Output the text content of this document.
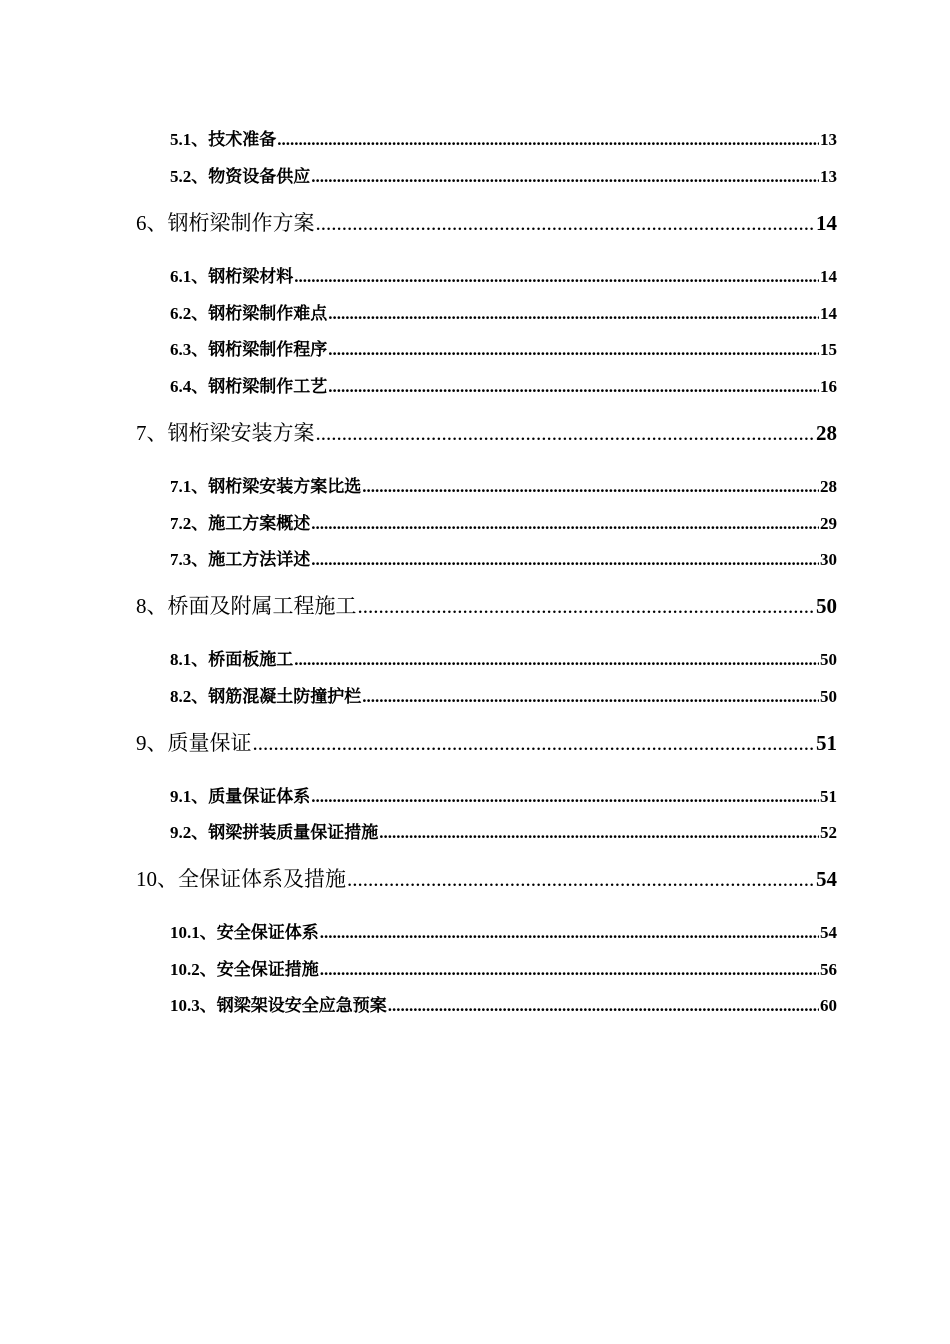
5.1、技术准备 .....	13
5.2、物资设备供应 .....	13
6、钢桁梁制作方案 .....	14
6.1、钢桁梁材料 .....	14
6.2、钢桁梁制作难点 .....	14
6.3、钢桁梁制作程序 .....	15
6.4、钢桁梁制作工艺 .....	16
7、钢桁梁安装方案 .....	28
7.1、钢桁梁安装方案比选 .....	28
7.2、施工方案概述 .....	29
7.3、施工方法详述 .....	30
8、桥面及附属工程施工 .....	50
8.1、桥面板施工 .....	50
8.2、钢筋混凝土防撞护栏 .....	50
9、质量保证 .....	51
9.1、质量保证体系 .....	51
9.2、钢梁拼装质量保证措施 .....	52
10、全保证体系及措施 .....	54
10.1、安全保证体系 .....	54
10.2、安全保证措施 .....	56
10.3、钢梁架设安全应急预案 .....	60
